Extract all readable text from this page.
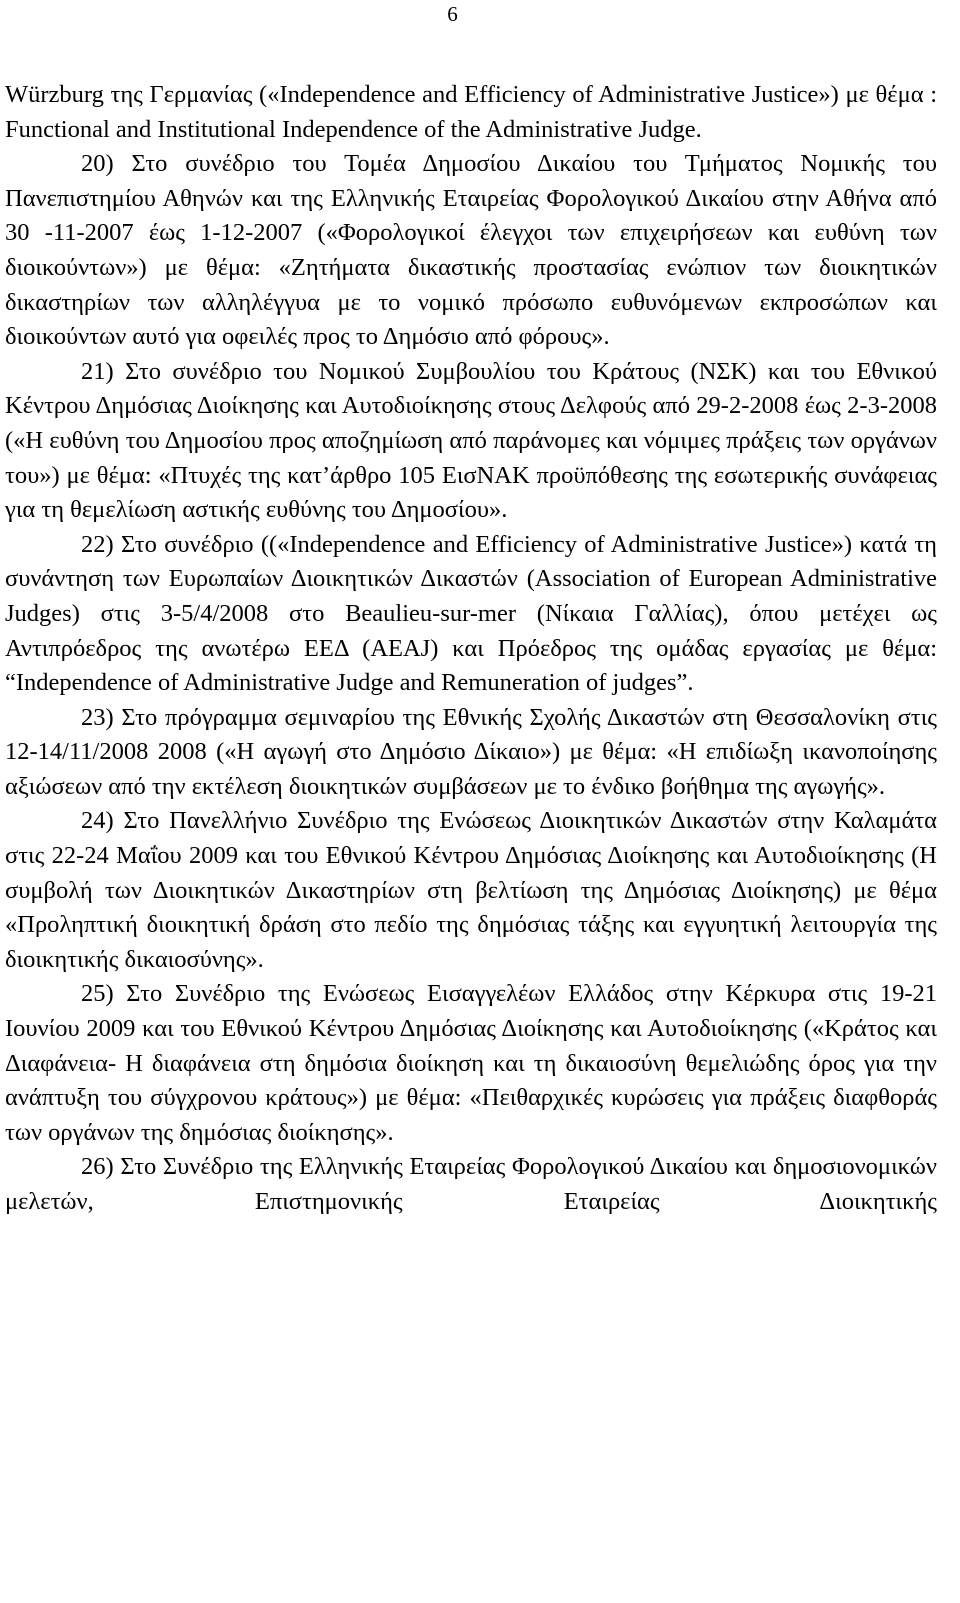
6

Würzburg της Γερμανίας («Independence and Efficiency of Administrative Justice») με θέμα : Functional and Institutional Independence of the Administrative Judge.

20) Στο συνέδριο του Τομέα Δημοσίου Δικαίου του Τμήματος Νομικής του Πανεπιστημίου Αθηνών και της Ελληνικής Εταιρείας Φορολογικού Δικαίου στην Αθήνα από 30 -11-2007 έως 1-12-2007 («Φορολογικοί έλεγχοι των επιχειρήσεων και ευθύνη των διοικούντων») με θέμα: «Ζητήματα δικαστικής προστασίας ενώπιον των διοικητικών δικαστηρίων των αλληλέγγυα με το νομικό πρόσωπο ευθυνόμενων εκπροσώπων και διοικούντων αυτό για οφειλές προς το Δημόσιο από φόρους».

21) Στο συνέδριο του Νομικού Συμβουλίου του Κράτους (ΝΣΚ) και του Εθνικού Κέντρου Δημόσιας Διοίκησης και Αυτοδιοίκησης στους Δελφούς από 29-2-2008 έως 2-3-2008 («Η ευθύνη του Δημοσίου προς αποζημίωση από παράνομες και νόμιμες πράξεις των οργάνων του») με θέμα: «Πτυχές της κατ’άρθρο 105 ΕισΝΑΚ προϋπόθεσης της εσωτερικής συνάφειας για τη θεμελίωση αστικής ευθύνης του Δημοσίου».

22) Στο συνέδριο ((«Independence and Efficiency of Administrative Justice») κατά τη συνάντηση των Ευρωπαίων Διοικητικών Δικαστών (Association of European Administrative Judges) στις 3-5/4/2008 στο Beaulieu-sur-mer (Νίκαια Γαλλίας), όπου μετέχει ως Αντιπρόεδρος της ανωτέρω ΕΕΔ (AEAJ) και Πρόεδρος της ομάδας εργασίας με θέμα: “Independence of Administrative Judge and Remuneration of judges”.

23) Στο πρόγραμμα σεμιναρίου της Εθνικής Σχολής Δικαστών στη Θεσσαλονίκη στις 12-14/11/2008 2008 («Η αγωγή στο Δημόσιο Δίκαιο») με θέμα: «Η επιδίωξη ικανοποίησης αξιώσεων από την εκτέλεση διοικητικών συμβάσεων με το ένδικο βοήθημα της αγωγής».

24) Στο Πανελλήνιο Συνέδριο της Ενώσεως Διοικητικών Δικαστών στην Καλαμάτα στις 22-24 Μαΐου 2009 και του Εθνικού Κέντρου Δημόσιας Διοίκησης και Αυτοδιοίκησης (Η συμβολή των Διοικητικών Δικαστηρίων στη βελτίωση της Δημόσιας Διοίκησης) με θέμα «Προληπτική διοικητική δράση στο πεδίο της δημόσιας τάξης και εγγυητική λειτουργία της διοικητικής δικαιοσύνης».

25) Στο Συνέδριο της Ενώσεως Εισαγγελέων Ελλάδος στην Κέρκυρα στις 19-21 Ιουνίου 2009 και του Εθνικού Κέντρου Δημόσιας Διοίκησης και Αυτοδιοίκησης («Κράτος και Διαφάνεια- Η διαφάνεια στη δημόσια διοίκηση και τη δικαιοσύνη θεμελιώδης όρος για την ανάπτυξη του σύγχρονου κράτους») με θέμα: «Πειθαρχικές κυρώσεις για πράξεις διαφθοράς των οργάνων της δημόσιας διοίκησης».

26) Στο Συνέδριο της Ελληνικής Εταιρείας Φορολογικού Δικαίου και δημοσιονομικών μελετών, Επιστημονικής Εταιρείας Διοικητικής
